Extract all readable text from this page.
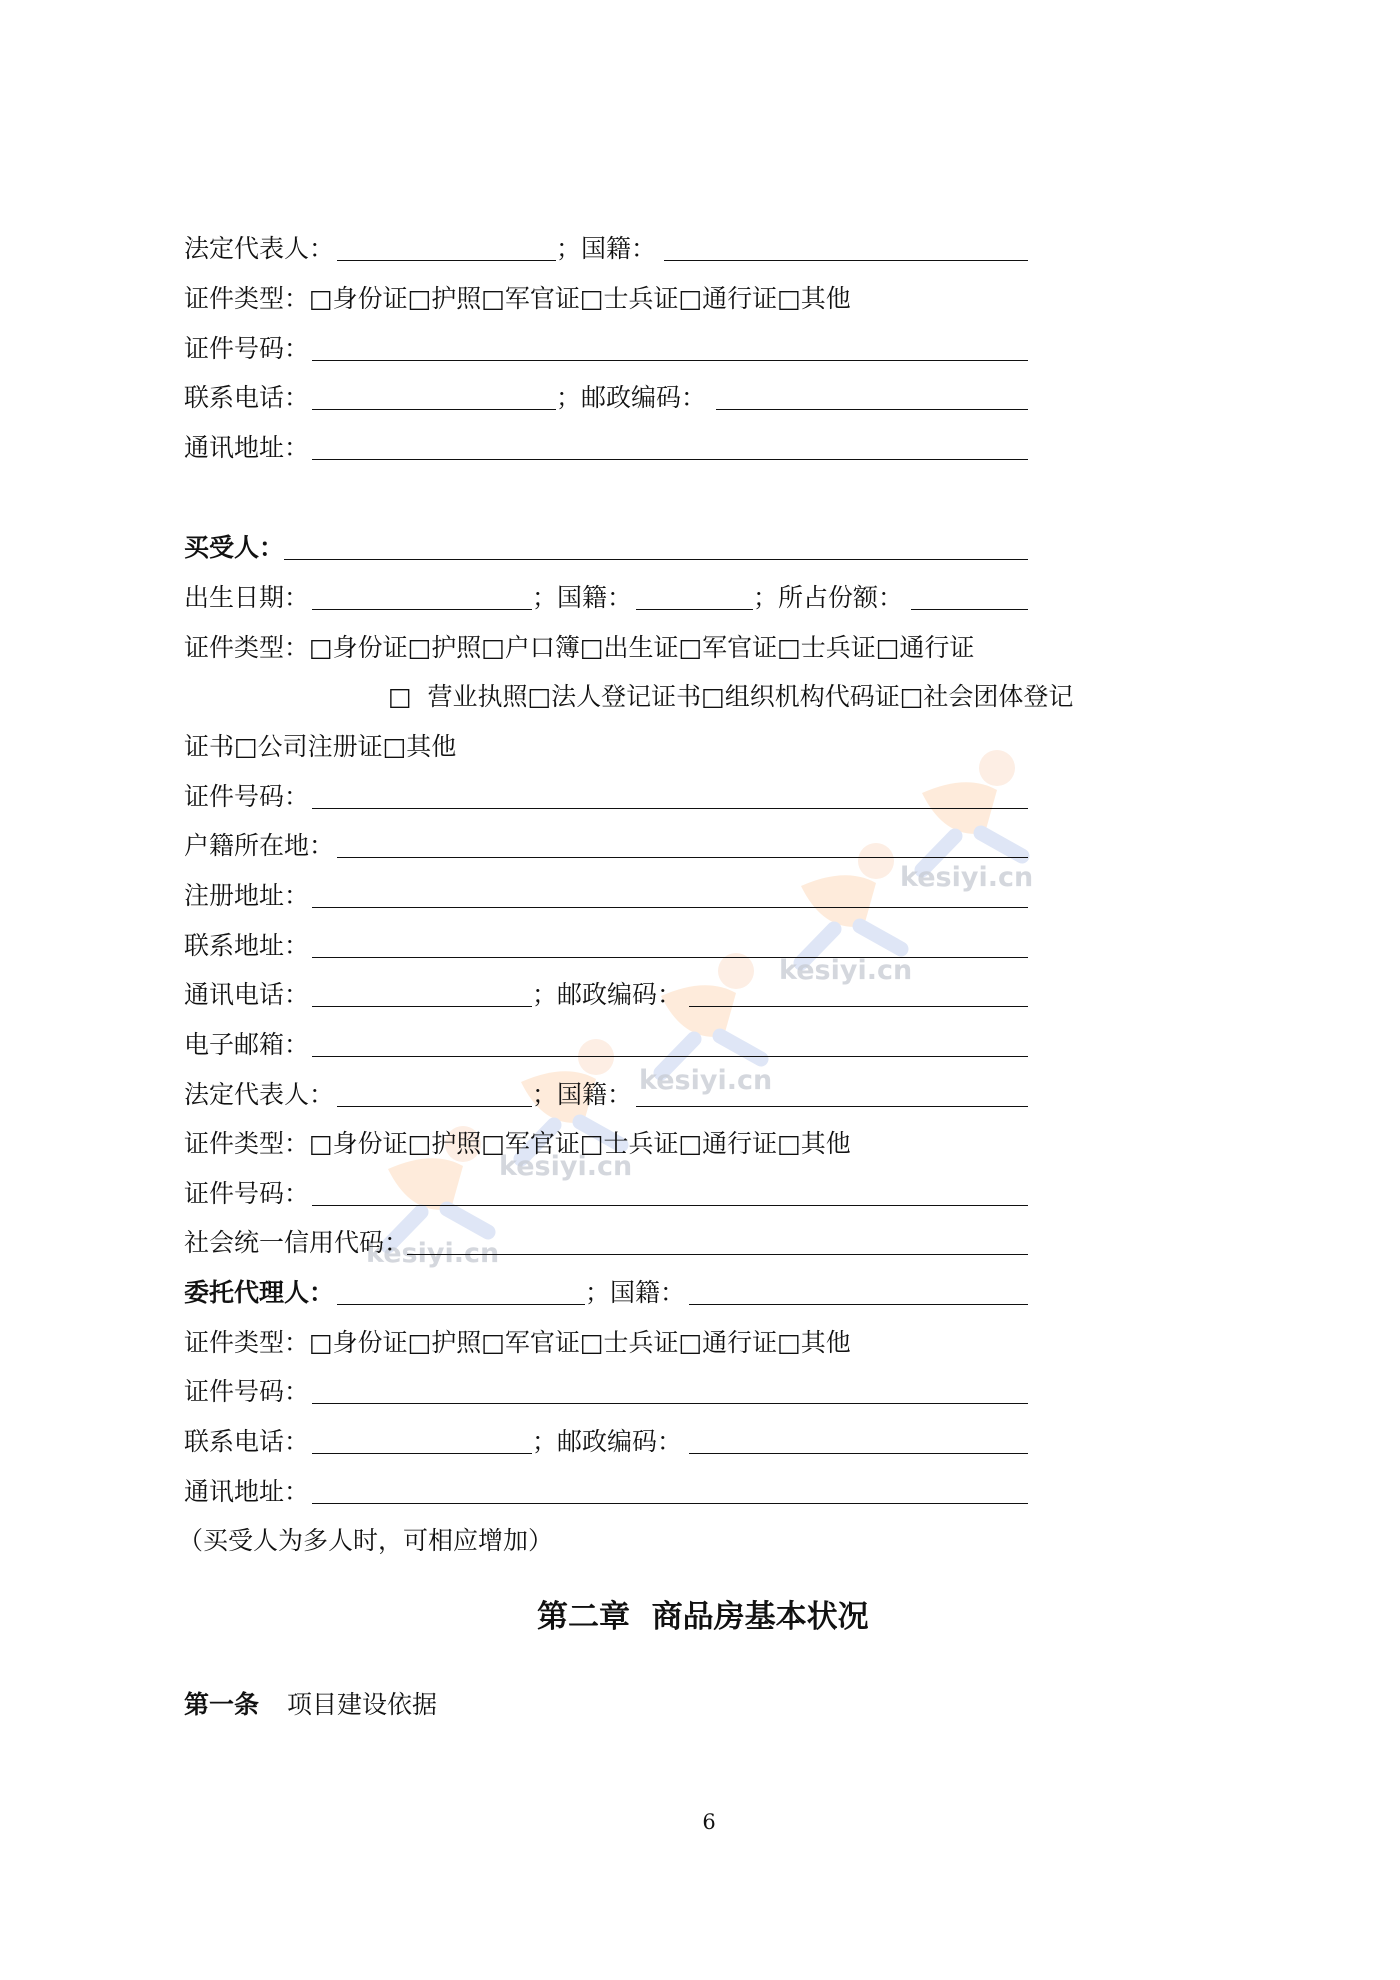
kesiyi.cn
kesiyi.cn
kesiyi.cn
kesiyi.cn
kesiyi.cn
法定代表人：	；国籍：
证件类型：□身份证□护照□军官证□士兵证□通行证□其他
证件号码：
联系电话：	；邮政编码：
通讯地址：
买受人：
出生日期：	；国籍：	；所占份额：
证件类型：□身份证□护照□户口簿□出生证□军官证□士兵证□通行证
□  营业执照□法人登记证书□组织机构代码证□社会团体登记
证书□公司注册证□其他
证件号码：
户籍所在地：
注册地址：
联系地址：
通讯电话：	；邮政编码：
电子邮箱：
法定代表人：	；国籍：
证件类型：□身份证□护照□军官证□士兵证□通行证□其他
证件号码：
社会统一信用代码：
委托代理人：	；国籍：
证件类型：□身份证□护照□军官证□士兵证□通行证□其他
证件号码：
联系电话：	；邮政编码：
通讯地址：
（买受人为多人时，可相应增加）
第二章  商品房基本状况
第一条 项目建设依据
6
